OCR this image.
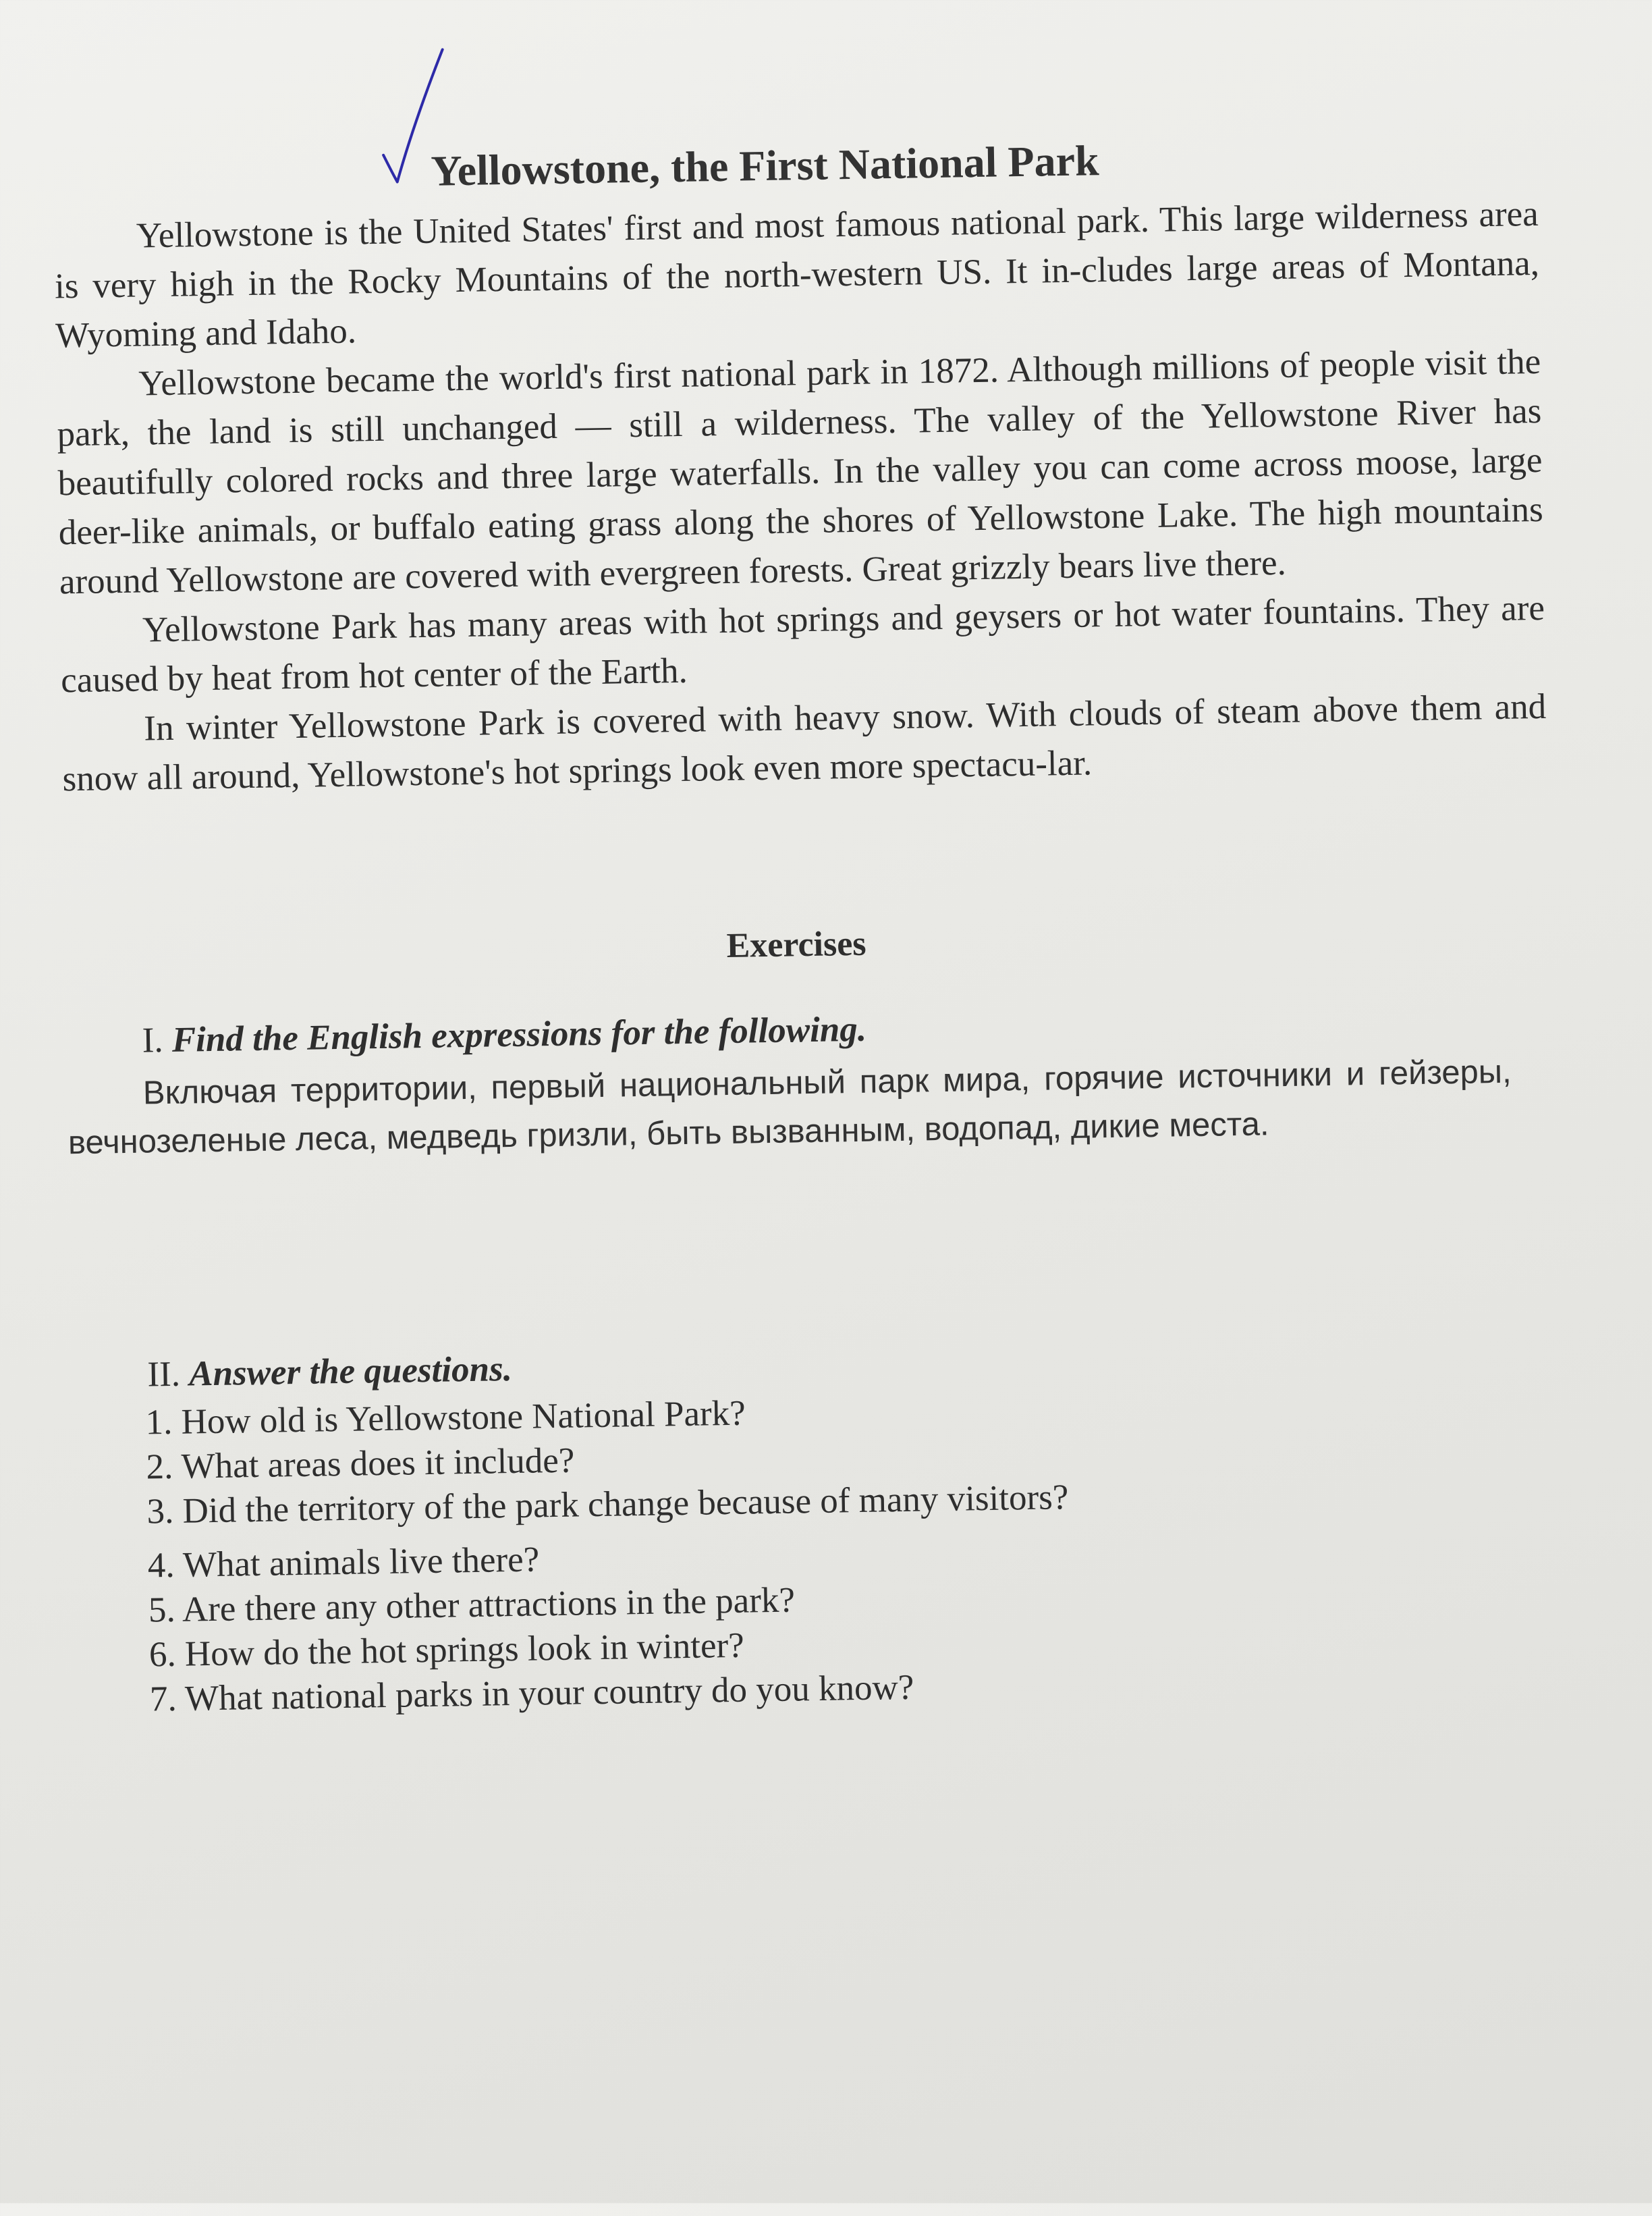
Yellowstone, the First National Park

Yellowstone is the United States' first and most famous national park. This large wilderness area is very high in the Rocky Mountains of the north-western US. It in-cludes large areas of Montana, Wyoming and Idaho.

Yellowstone became the world's first national park in 1872. Although millions of people visit the park, the land is still unchanged — still a wilderness. The valley of the Yellowstone River has beautifully colored rocks and three large waterfalls. In the valley you can come across moose, large deer-like animals, or buffalo eating grass along the shores of Yellowstone Lake. The high mountains around Yellowstone are covered with evergreen forests. Great grizzly bears live there.

Yellowstone Park has many areas with hot springs and geysers or hot water fountains. They are caused by heat from hot center of the Earth.

In winter Yellowstone Park is covered with heavy snow. With clouds of steam above them and snow all around, Yellowstone's hot springs look even more spectacu-lar.

Exercises

I. Find the English expressions for the following.

Включая территории, первый национальный парк мира, горячие источники и гейзеры, вечнозеленые леса, медведь гризли, быть вызванным, водопад, дикие места.

II. Answer the questions.

1. How old is Yellowstone National Park?
2. What areas does it include?
3. Did the territory of the park change because of many visitors?
4. What animals live there?
5. Are there any other attractions in the park?
6. How do the hot springs look in winter?
7. What national parks in your country do you know?
